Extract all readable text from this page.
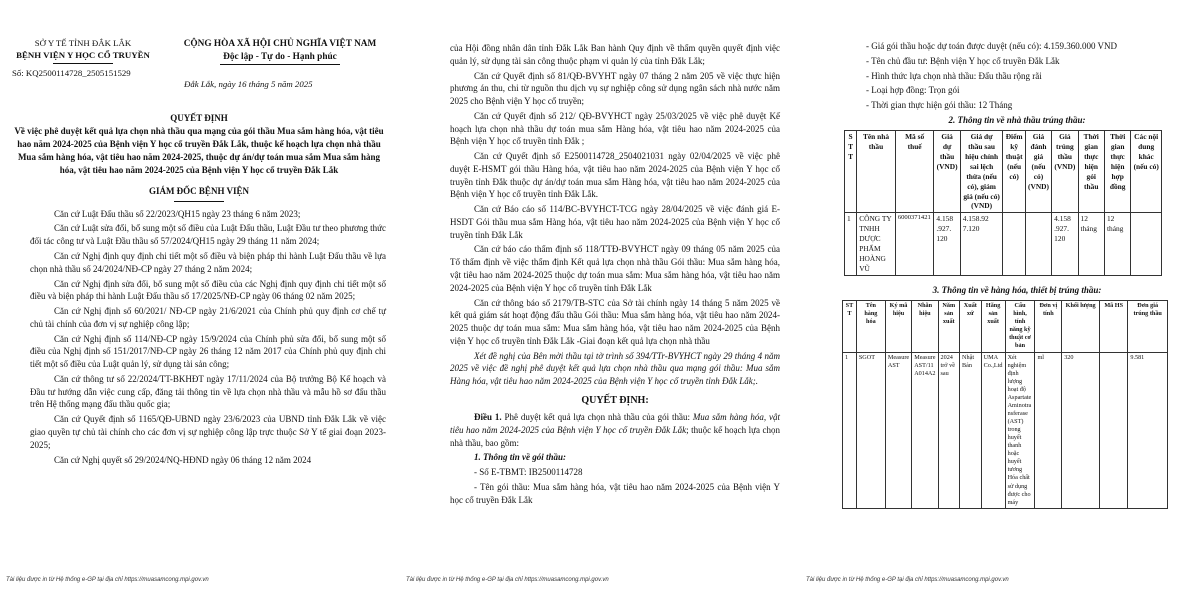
SỞ Y TẾ TỈNH ĐẮK LẮK
BỆNH VIỆN Y HỌC CỔ TRUYỀN
CỘNG HÒA XÃ HỘI CHỦ NGHĨA VIỆT NAM
Độc lập - Tự do - Hạnh phúc
Số: KQ2500114728_2505151529
Đắk Lắk, ngày 16 tháng 5 năm 2025
QUYẾT ĐỊNH
Về việc phê duyệt kết quả lựa chọn nhà thầu qua mạng của gói thầu Mua sắm hàng hóa, vật tiêu hao năm 2024-2025 của Bệnh viện Y học cổ truyền Đắk Lắk, thuộc kế hoạch lựa chọn nhà thầu Mua sắm hàng hóa, vật tiêu hao năm 2024-2025, thuộc dự án/dự toán mua sắm Mua sắm hàng hóa, vật tiêu hao năm 2024-2025 của Bệnh viện Y học cổ truyền Đắk Lắk
GIÁM ĐỐC BỆNH VIỆN

Căn cứ Luật Đấu thầu số 22/2023/QH15 ngày 23 tháng 6 năm 2023;

Căn cứ Luật sửa đổi, bổ sung một số điều của Luật Đấu thầu, Luật Đầu tư theo phương thức đối tác công tư và Luật Đầu thầu số 57/2024/QH15 ngày 29 tháng 11 năm 2024;

Căn cứ Nghị định quy định chi tiết một số điều và biện pháp thi hành Luật Đấu thầu về lựa chọn nhà thầu số 24/2024/NĐ-CP ngày 27 tháng 2 năm 2024;

Căn cứ Nghị định sửa đổi, bổ sung một số điều của các Nghị định quy định chi tiết một số điều và biện pháp thi hành Luật Đấu thầu số 17/2025/NĐ-CP ngày 06 tháng 02 năm 2025;

Căn cứ Nghị định số 60/2021/ NĐ-CP ngày 21/6/2021 của Chính phủ quy định cơ chế tự chủ tài chính của đơn vị sự nghiệp công lập;

Căn cứ Nghị định số 114/NĐ-CP ngày 15/9/2024 của Chính phủ sửa đổi, bổ sung một số điều của Nghị định số 151/2017/NĐ-CP ngày 26 tháng 12 năm 2017 của Chính phủ quy định chi tiết một số điều của Luật quản lý, sử dụng tài sản công;

Căn cứ thông tư số 22/2024/TT-BKHĐT ngày 17/11/2024 của Bộ trưởng Bộ Kế hoạch và Đầu tư hướng dẫn việc cung cấp, đăng tải thông tin về lựa chọn nhà thầu và mẫu hồ sơ đấu thầu trên Hệ thống mạng đấu thầu quốc gia;

Căn cứ Quyết định số 1165/QĐ-UBND ngày 23/6/2023 của UBND tỉnh Đắk Lắk về việc giao quyền tự chủ tài chính cho các đơn vị sự nghiệp công lập trực thuộc Sở Y tế giai đoạn 2023-2025;

Căn cứ Nghị quyết số 29/2024/NQ-HĐND ngày 06 tháng 12 năm 2024

Tài liệu được in từ Hệ thống e-GP tại địa chỉ https://muasamcong.mpi.gov.vn

của Hội đồng nhân dân tỉnh Đắk Lắk Ban hành Quy định về thẩm quyền quyết định việc quản lý, sử dụng tài sản công thuộc phạm vi quản lý của tỉnh Đắk Lắk;

Căn cứ Quyết định số 81/QĐ-BVYHT ngày 07 tháng 2 năm 205 về việc thực hiện phương án thu, chi từ nguồn thu dịch vụ sự nghiệp công sử dụng ngân sách nhà nước năm 2025 cho Bệnh viện Y học cổ truyền;

Căn cứ Quyết định số 212/ QĐ-BVYHCT ngày 25/03/2025 về việc phê duyệt Kế hoạch lựa chọn nhà thầu dự toán mua sắm Hàng hóa, vật tiêu hao năm 2024-2025 của Bệnh viện Y học cổ truyền tỉnh Đắk ;

Căn cứ Quyết định số E2500114728_2504021031 ngày 02/04/2025 về việc phê duyệt E-HSMT gói thầu Hàng hóa, vật tiêu hao năm 2024-2025 của Bệnh viện Y học cổ truyền tỉnh Đắk thuộc dự án/dự toán mua sắm Hàng hóa, vật tiêu hao năm 2024-2025 của Bệnh viện Y học cổ truyền tỉnh Đắk Lắk.

Căn cứ Báo cáo số 114/BC-BVYHCT-TCG ngày 28/04/2025 về việc đánh giá E-HSDT Gói thầu mua sắm Hàng hóa, vật tiêu hao năm 2024-2025 của Bệnh viện Y học cổ truyền tỉnh Đắk Lắk

Căn cứ báo cáo thẩm định số 118/TTĐ-BVYHCT ngày 09 tháng 05 năm 2025 của Tổ thẩm định về việc thẩm định Kết quả lựa chọn nhà thầu Gói thầu: Mua sắm hàng hóa, vật tiêu hao năm 2024-2025 thuộc dự toán mua sắm: Mua sắm hàng hóa, vật tiêu hao năm 2024-2025 của Bệnh viện Y học cổ truyền tỉnh Đắk Lắk

Căn cứ thông báo số 2179/TB-STC của Sở tài chính ngày 14 tháng 5 năm 2025 về kết quả giám sát hoạt động đấu thầu Gói thầu: Mua sắm hàng hóa, vật tiêu hao năm 2024-2025 thuộc dự toán mua sắm: Mua sắm hàng hóa, vật tiêu hao năm 2024-2025 của Bệnh viện Y học cổ truyền tỉnh Đắk Lắk -Giai đoạn kết quả lựa chọn nhà thầu

Xét đề nghị của Bên mời thầu tại tờ trình số 394/TTr-BVYHCT ngày 29 tháng 4 năm 2025 về việc đề nghị phê duyệt kết quả lựa chọn nhà thầu qua mạng gói thầu: Mua sắm Hàng hóa, vật tiêu hao năm 2024-2025 của Bệnh viện Y học cổ truyền tỉnh Đắk Lắk;.

QUYẾT ĐỊNH:

Điều 1. Phê duyệt kết quả lựa chọn nhà thầu của gói thầu: Mua sắm hàng hóa, vật tiêu hao năm 2024-2025 của Bệnh viện Y học cổ truyền Đắk Lắk; thuộc kế hoạch lựa chọn nhà thầu, bao gồm:

1. Thông tin về gói thầu:

- Số E-TBMT: IB2500114728

- Tên gói thầu: Mua sắm hàng hóa, vật tiêu hao năm 2024-2025 của Bệnh viện Y học cổ truyền Đắk Lắk

Tài liệu được in từ Hệ thống e-GP tại địa chỉ https://muasamcong.mpi.gov.vn

- Giá gói thầu hoặc dự toán được duyệt (nếu có): 4.159.360.000 VND

- Tên chủ đầu tư: Bệnh viện Y học cổ truyền Đắk Lắk

- Hình thức lựa chọn nhà thầu: Đấu thầu rộng rãi

- Loại hợp đồng: Trọn gói

- Thời gian thực hiện gói thầu: 12 Tháng

2. Thông tin về nhà thầu trúng thầu:
S T T	Tên nhà thầu	Mã số thuế	Giá dự thầu (VND)	Giá dự thầu sau hiệu chỉnh sai lệch thừa (nếu có), giảm giá (nếu có) (VND)	Điểm kỹ thuật (nếu có)	Giá đánh giá (nếu có) (VND)	Giá trúng thầu (VND)	Thời gian thực hiện gói thầu	Thời gian thực hiện hợp đồng	Các nội dung khác (nếu có)
1	CÔNG TY TNHH DƯỢC PHẨM HOÀNG VŨ	6000371421	4.158 .927. 120	4.158.92 7.120			4.158 .927. 120	12 tháng	12 tháng	
3. Thông tin về hàng hóa, thiết bị trúng thầu:
ST T	Tên hàng hóa	Ký mã hiệu	Nhãn hiệu	Năm sản xuất	Xuất xứ	Hãng sản xuất	Cấu hình, tính năng kỹ thuật cơ bản	Đơn vị tính	Khối lượng	Mã HS	Đơn giá trúng thầu
1	SGOT	Measure AST	Measure AST/11 A014A2	2024 trở về sau	Nhật Bản	UMA Co.,Ltd	Xét nghiệm định lượng hoạt độ Aspartate Aminotra nsferase (AST) trong huyết thanh hoặc huyết tương Hóa chất sử dụng được cho máy	ml	320		9.581
Tài liệu được in từ Hệ thống e-GP tại địa chỉ https://muasamcong.mpi.gov.vn
